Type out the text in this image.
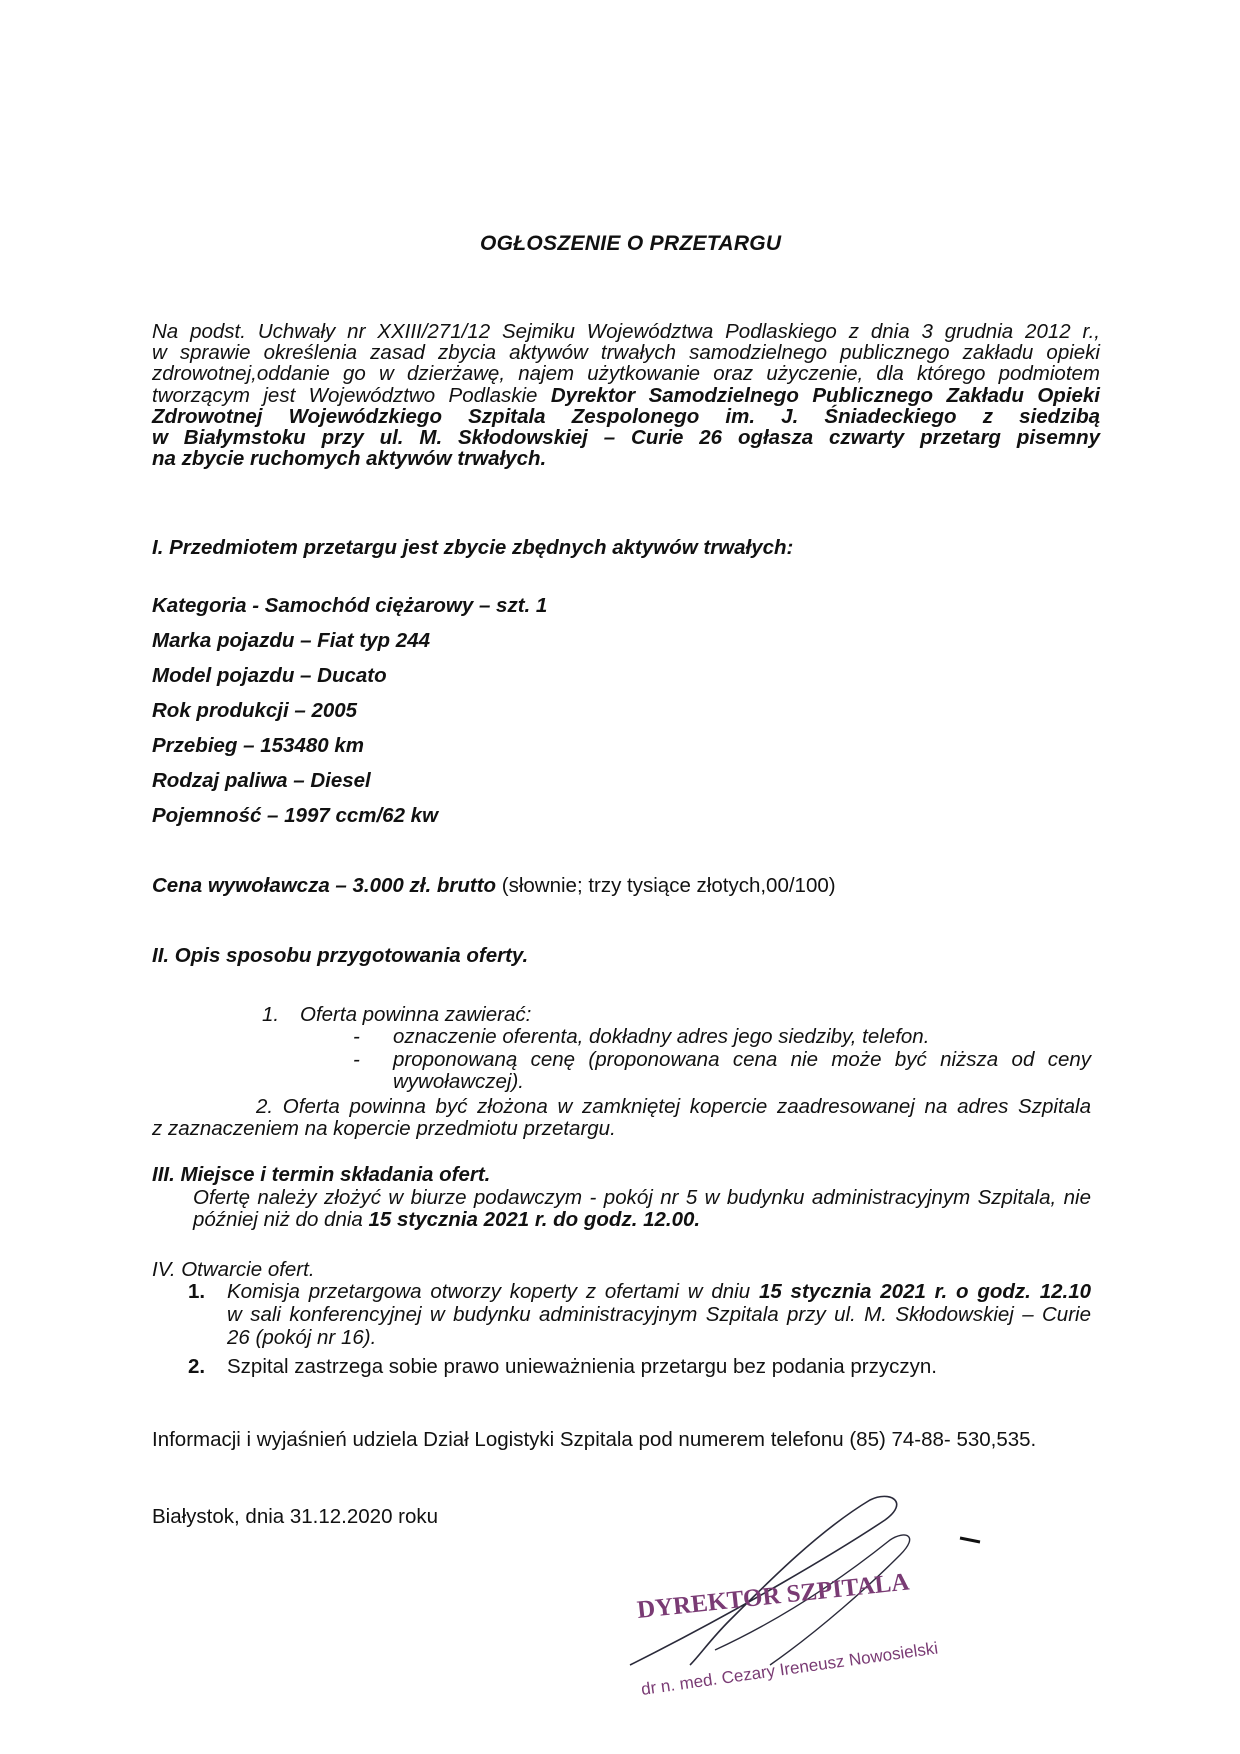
OGŁOSZENIE O PRZETARGU
Na podst. Uchwały nr XXIII/271/12 Sejmiku Województwa Podlaskiego z dnia 3 grudnia 2012 r.,
w sprawie określenia zasad zbycia aktywów trwałych samodzielnego publicznego zakładu opieki
zdrowotnej,oddanie go w dzierżawę, najem użytkowanie oraz użyczenie, dla którego podmiotem
tworzącym jest Województwo Podlaskie Dyrektor Samodzielnego Publicznego Zakładu Opieki
Zdrowotnej Wojewódzkiego Szpitala Zespolonego im. J. Śniadeckiego z siedzibą
w Białymstoku przy ul. M. Skłodowskiej – Curie 26 ogłasza czwarty przetarg pisemny
na zbycie ruchomych aktywów trwałych.
I. Przedmiotem przetargu jest zbycie zbędnych aktywów trwałych:
Kategoria - Samochód ciężarowy – szt. 1
Marka pojazdu – Fiat typ 244
Model pojazdu – Ducato
Rok produkcji – 2005
Przebieg – 153480 km
Rodzaj paliwa – Diesel
Pojemność – 1997 ccm/62 kw
Cena wywoławcza – 3.000 zł. brutto (słownie; trzy tysiące złotych,00/100)
II. Opis sposobu przygotowania oferty.
1. Oferta powinna zawierać:
- oznaczenie oferenta, dokładny adres jego siedziby, telefon.
- proponowaną cenę (proponowana cena nie może być niższa od ceny
wywoławczej).
2. Oferta powinna być złożona w zamkniętej kopercie zaadresowanej na adres Szpitala
z zaznaczeniem na kopercie przedmiotu przetargu.
III. Miejsce i termin składania ofert.
Ofertę należy złożyć w biurze podawczym - pokój nr 5 w budynku administracyjnym Szpitala, nie
później niż do dnia 15 stycznia 2021 r. do godz. 12.00.
IV. Otwarcie ofert.
1. Komisja przetargowa otworzy koperty z ofertami w dniu 15 stycznia 2021 r. o godz. 12.10
w sali konferencyjnej w budynku administracyjnym Szpitala przy ul. M. Skłodowskiej – Curie
26 (pokój nr 16).
2. Szpital zastrzega sobie prawo unieważnienia przetargu bez podania przyczyn.
Informacji i wyjaśnień udziela Dział Logistyki Szpitala pod numerem telefonu (85) 74-88- 530,535.
Białystok, dnia 31.12.2020 roku
DYREKTOR SZPITALA
dr n. med. Cezary Ireneusz Nowosielski
